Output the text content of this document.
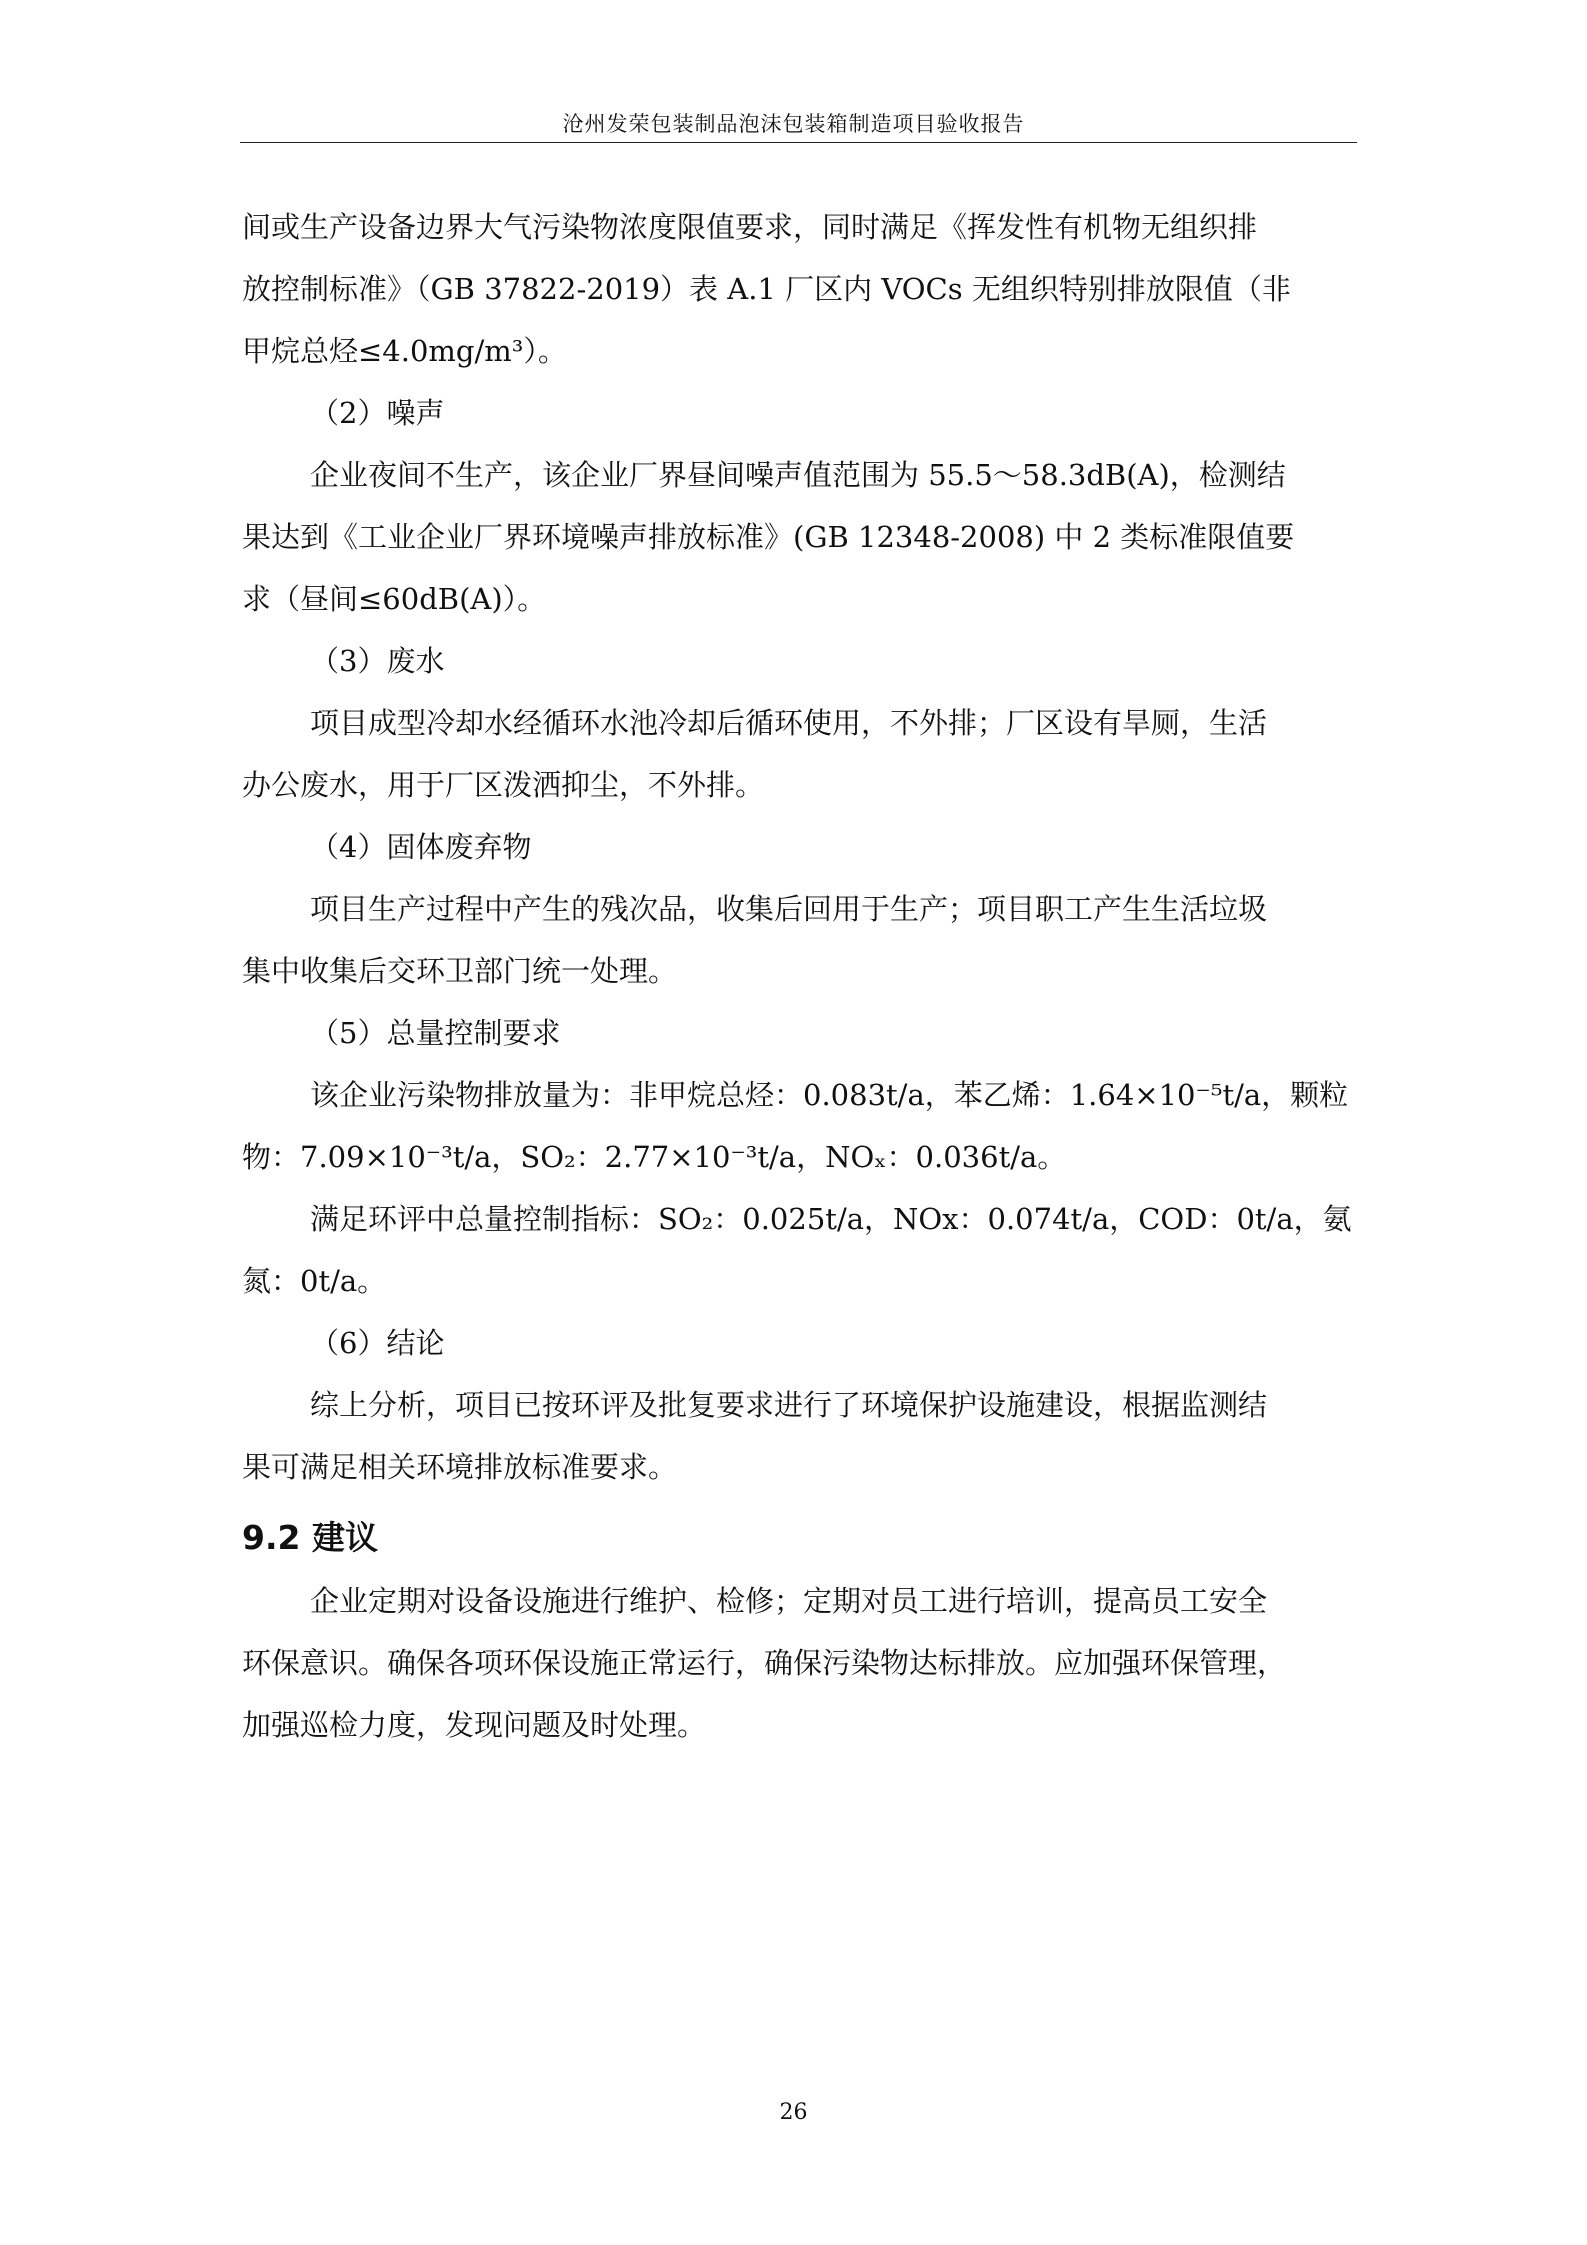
沧州发荣包装制品泡沫包装箱制造项目验收报告
间或生产设备边界大气污染物浓度限值要求，同时满足《挥发性有机物无组织排
放控制标准》（GB 37822-2019）表 A.1 厂区内 VOCs 无组织特别排放限值（非
甲烷总烃≤4.0mg/m³）。
（2）噪声
企业夜间不生产，该企业厂界昼间噪声值范围为 55.5～58.3dB(A)，检测结
果达到《工业企业厂界环境噪声排放标准》(GB 12348-2008) 中 2 类标准限值要
求（昼间≤60dB(A)）。
（3）废水
项目成型冷却水经循环水池冷却后循环使用，不外排；厂区设有旱厕，生活
办公废水，用于厂区泼洒抑尘，不外排。
（4）固体废弃物
项目生产过程中产生的残次品，收集后回用于生产；项目职工产生生活垃圾
集中收集后交环卫部门统一处理。
（5）总量控制要求
该企业污染物排放量为：非甲烷总烃：0.083t/a，苯乙烯：1.64×10⁻⁵t/a，颗粒
物：7.09×10⁻³t/a，SO₂：2.77×10⁻³t/a，NOₓ：0.036t/a。
满足环评中总量控制指标：SO₂：0.025t/a，NOx：0.074t/a，COD：0t/a，氨
氮：0t/a。
（6）结论
综上分析，项目已按环评及批复要求进行了环境保护设施建设，根据监测结
果可满足相关环境排放标准要求。
9.2 建议
企业定期对设备设施进行维护、检修；定期对员工进行培训，提高员工安全
环保意识。确保各项环保设施正常运行，确保污染物达标排放。应加强环保管理，
加强巡检力度，发现问题及时处理。
26
